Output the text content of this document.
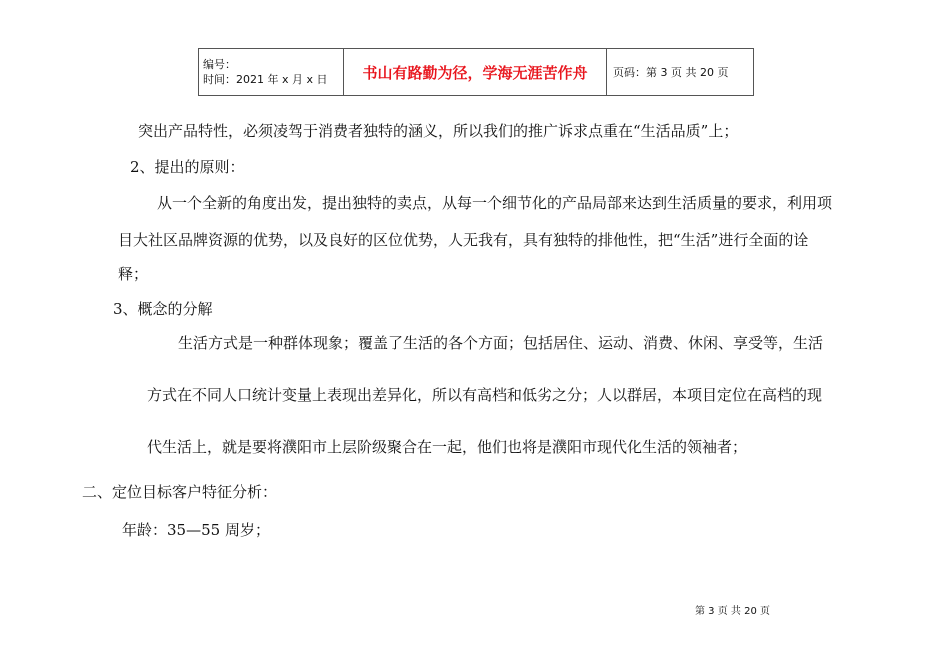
编号：
时间：2021 年 x 月 x 日	书山有路勤为径，学海无涯苦作舟	页码：第 3 页 共 20 页
突出产品特性，必须凌驾于消费者独特的涵义，所以我们的推广诉求点重在“生活品质”上；
2、提出的原则：
从一个全新的角度出发，提出独特的卖点，从每一个细节化的产品局部来达到生活质量的要求，利用项
目大社区品牌资源的优势，以及良好的区位优势，人无我有，具有独特的排他性，把“生活”进行全面的诠
释；
3、概念的分解
生活方式是一种群体现象；覆盖了生活的各个方面；包括居住、运动、消费、休闲、享受等，生活
方式在不同人口统计变量上表现出差异化，所以有高档和低劣之分；人以群居，本项目定位在高档的现
代生活上，就是要将濮阳市上层阶级聚合在一起，他们也将是濮阳市现代化生活的领袖者；
二、定位目标客户特征分析：
年龄：35—55 周岁；
第 3 页 共 20 页
